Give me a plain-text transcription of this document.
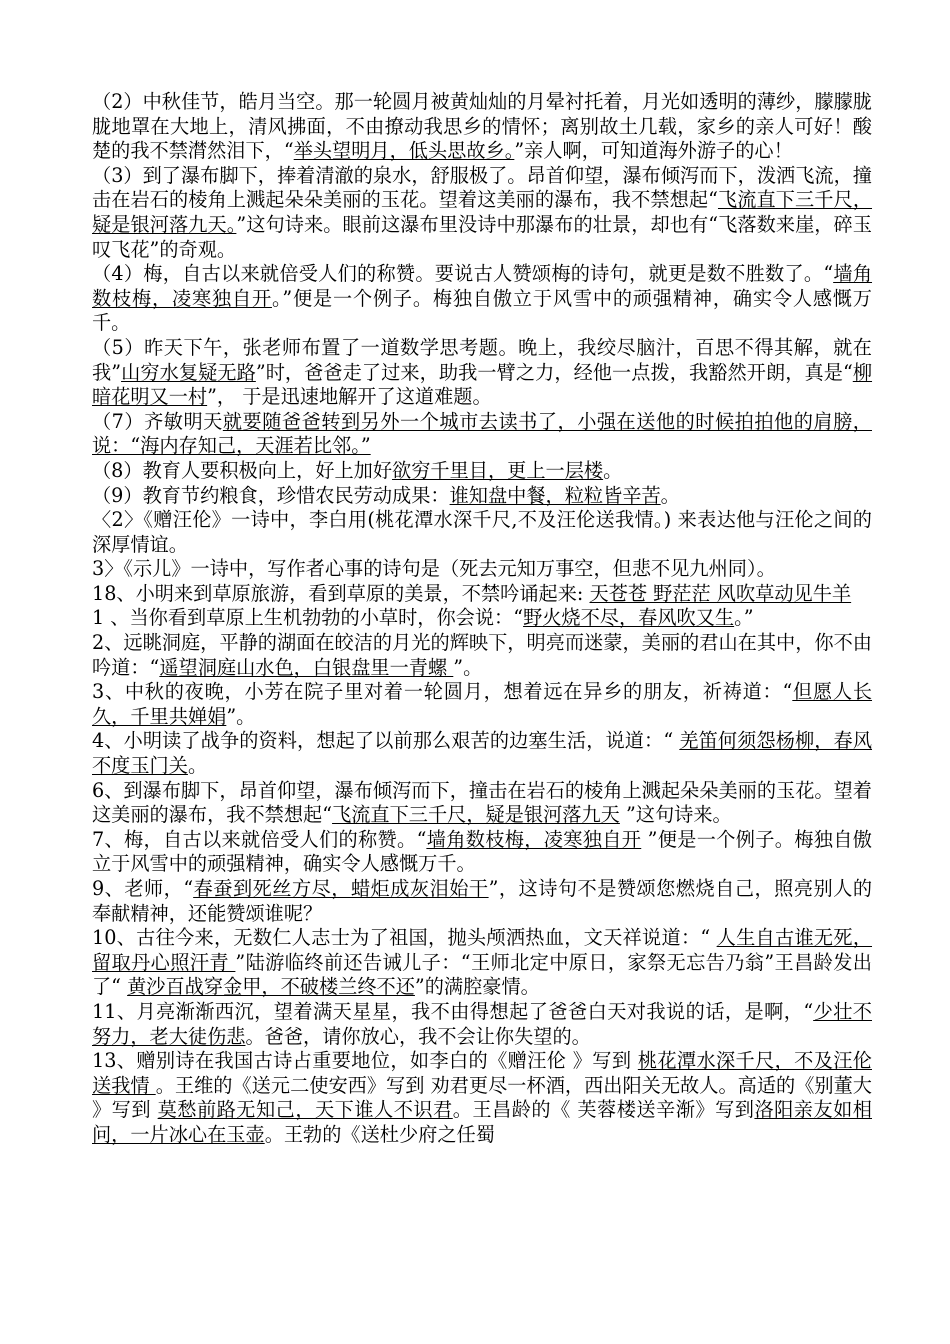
（2）中秋佳节，皓月当空。那一轮圆月被黄灿灿的月晕衬托着，月光如透明的薄纱，朦朦胧胧地罩在大地上，清风拂面，不由撩动我思乡的情怀；离别故土几载，家乡的亲人可好！酸楚的我不禁潸然泪下，“举头望明月，低头思故乡。”亲人啊，可知道海外游子的心！

（3）到了瀑布脚下，捧着清澈的泉水，舒服极了。昂首仰望，瀑布倾泻而下，泼洒飞流，撞击在岩石的棱角上溅起朵朵美丽的玉花。望着这美丽的瀑布，我不禁想起“飞流直下三千尺，疑是银河落九天。”这句诗来。眼前这瀑布里没诗中那瀑布的壮景，却也有“飞落数来崖，碎玉叹飞花”的奇观。

（4）梅，自古以来就倍受人们的称赞。要说古人赞颂梅的诗句，就更是数不胜数了。“墙角数枝梅，凌寒独自开。”便是一个例子。梅独自傲立于风雪中的顽强精神，确实令人感慨万千。

（5）昨天下午，张老师布置了一道数学思考题。晚上，我绞尽脑汁，百思不得其解，就在我”山穷水复疑无路”时，爸爸走了过来，助我一臂之力，经他一点拨，我豁然开朗，真是“柳暗花明又一村”， 于是迅速地解开了这道难题。

（7）齐敏明天就要随爸爸转到另外一个城市去读书了，小强在送他的时候拍拍他的肩膀，说：“海内存知己，天涯若比邻。”

（8）教育人要积极向上，好上加好欲穷千里目，更上一层楼。

（9）教育节约粮食，珍惜农民劳动成果：谁知盘中餐，粒粒皆辛苦。

〈2〉《赠汪伦》一诗中，李白用(桃花潭水深千尺,不及汪伦送我情。) 来表达他与汪伦之间的深厚情谊。

3〉《示儿》一诗中，写作者心事的诗句是（死去元知万事空，但悲不见九州同）。

18、小明来到草原旅游，看到草原的美景，不禁吟诵起来: 天苍苍 野茫茫 风吹草动见牛羊

1 、当你看到草原上生机勃勃的小草时，你会说：“野火烧不尽，春风吹又生。”

2、远眺洞庭，平静的湖面在皎洁的月光的辉映下，明亮而迷蒙，美丽的君山在其中，你不由吟道：“遥望洞庭山水色，白银盘里一青螺 ”。

3、中秋的夜晚，小芳在院子里对着一轮圆月，想着远在异乡的朋友，祈祷道：“但愿人长久，千里共婵娟”。

4、小明读了战争的资料，想起了以前那么艰苦的边塞生活，说道：“ 羌笛何须怨杨柳，春风不度玉门关。

6、到瀑布脚下，昂首仰望，瀑布倾泻而下，撞击在岩石的棱角上溅起朵朵美丽的玉花。望着这美丽的瀑布，我不禁想起“飞流直下三千尺，疑是银河落九天 ”这句诗来。

7、梅，自古以来就倍受人们的称赞。“墙角数枝梅，凌寒独自开 ”便是一个例子。梅独自傲立于风雪中的顽强精神，确实令人感慨万千。

9、老师，“春蚕到死丝方尽，蜡炬成灰泪始干”，这诗句不是赞颂您燃烧自己，照亮别人的奉献精神，还能赞颂谁呢？

10、古往今来，无数仁人志士为了祖国，抛头颅洒热血，文天祥说道：“ 人生自古谁无死，留取丹心照汗青 ”陆游临终前还告诫儿子：“王师北定中原日，家祭无忘告乃翁”王昌龄发出了“ 黄沙百战穿金甲，不破楼兰终不还”的满腔豪情。

11、月亮渐渐西沉，望着满天星星，我不由得想起了爸爸白天对我说的话，是啊，“少壮不努力，老大徒伤悲。爸爸，请你放心，我不会让你失望的。

13、赠别诗在我国古诗占重要地位，如李白的《赠汪伦 》写到 桃花潭水深千尺，不及汪伦送我情 。王维的《送元二使安西》写到 劝君更尽一杯酒，西出阳关无故人。高适的《别董大 》写到 莫愁前路无知己，天下谁人不识君。王昌龄的《 芙蓉楼送辛渐》写到洛阳亲友如相问，一片冰心在玉壶。王勃的《送杜少府之任蜀
